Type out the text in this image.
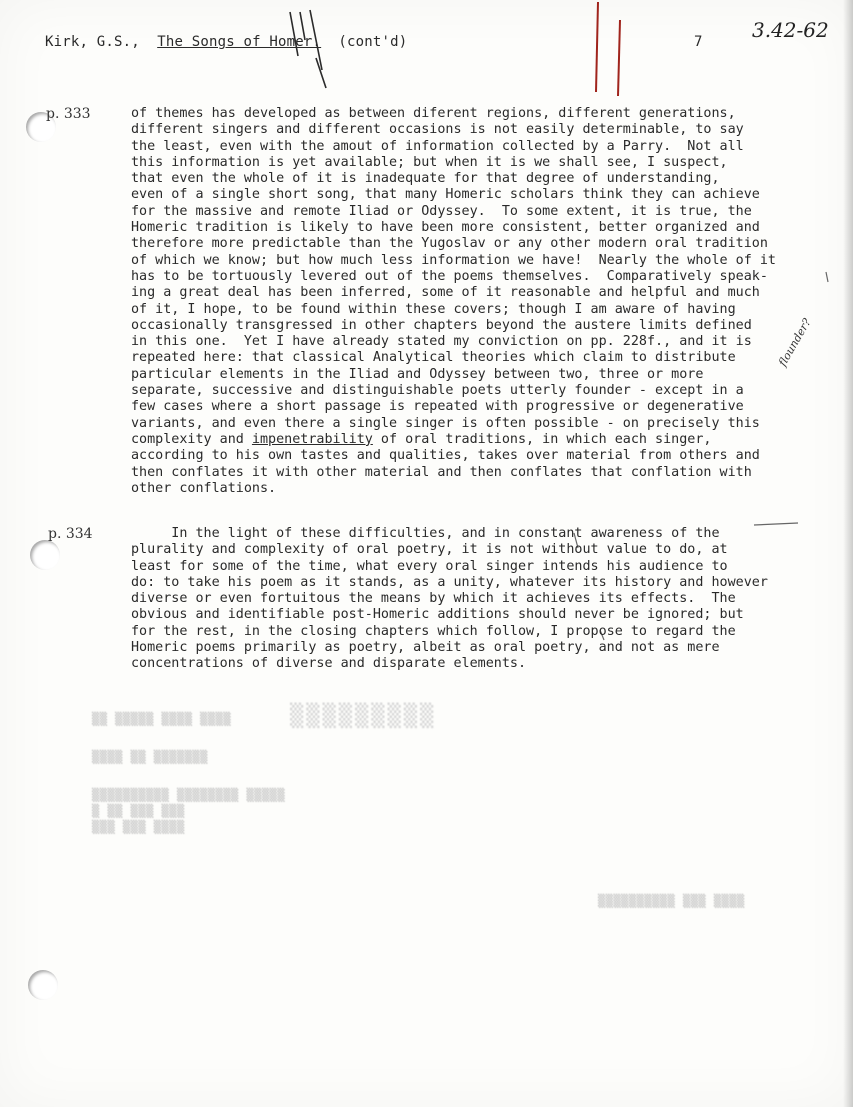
Kirk, G.S., The Songs of Homer. (cont'd)	7 3.42-62
flounder?
p. 333
p. 334
of themes has developed as between diferent regions, different generations,
different singers and different occasions is not easily determinable, to say
the least, even with the amout of information collected by a Parry.  Not all
this information is yet available; but when it is we shall see, I suspect,
that even the whole of it is inadequate for that degree of understanding,
even of a single short song, that many Homeric scholars think they can achieve
for the massive and remote Iliad or Odyssey.  To some extent, it is true, the
Homeric tradition is likely to have been more consistent, better organized and
therefore more predictable than the Yugoslav or any other modern oral tradition
of which we know; but how much less information we have!  Nearly the whole of it
has to be tortuously levered out of the poems themselves.  Comparatively speak-
ing a great deal has been inferred, some of it reasonable and helpful and much
of it, I hope, to be found within these covers; though I am aware of having
occasionally transgressed in other chapters beyond the austere limits defined
in this one.  Yet I have already stated my conviction on pp. 228f., and it is
repeated here: that classical Analytical theories which claim to distribute
particular elements in the Iliad and Odyssey between two, three or more
separate, successive and distinguishable poets utterly founder - except in a
few cases where a short passage is repeated with progressive or degenerative
variants, and even there a single singer is often possible - on precisely this
complexity and impenetrability of oral traditions, in which each singer,
according to his own tastes and qualities, takes over material from others and
then conflates it with other material and then conflates that conflation with
other conflations.
In the light of these difficulties, and in constant awareness of the
plurality and complexity of oral poetry, it is not without value to do, at
least for some of the time, what every oral singer intends his audience to
do: to take his poem as it stands, as a unity, whatever its history and however
diverse or even fortuitous the means by which it achieves its effects.  The
obvious and identifiable post-Homeric additions should never be ignored; but
for the rest, in the closing chapters which follow, I propose to regard the
Homeric poems primarily as poetry, albeit as oral poetry, and not as mere
concentrations of diverse and disparate elements.
▒▒ ▒▒▒▒▒ ▒▒▒▒ ▒▒▒▒	▒▒▒▒▒▒▒▒▒
▒▒▒▒ ▒▒ ▒▒▒▒▒▒▒
▒▒▒▒▒▒▒▒▒▒ ▒▒▒▒▒▒▒▒ ▒▒▒▒▒
▒ ▒▒ ▒▒▒ ▒▒▒
▒▒▒ ▒▒▒ ▒▒▒▒
▒▒▒▒▒▒▒▒▒▒ ▒▒▒ ▒▒▒▒
